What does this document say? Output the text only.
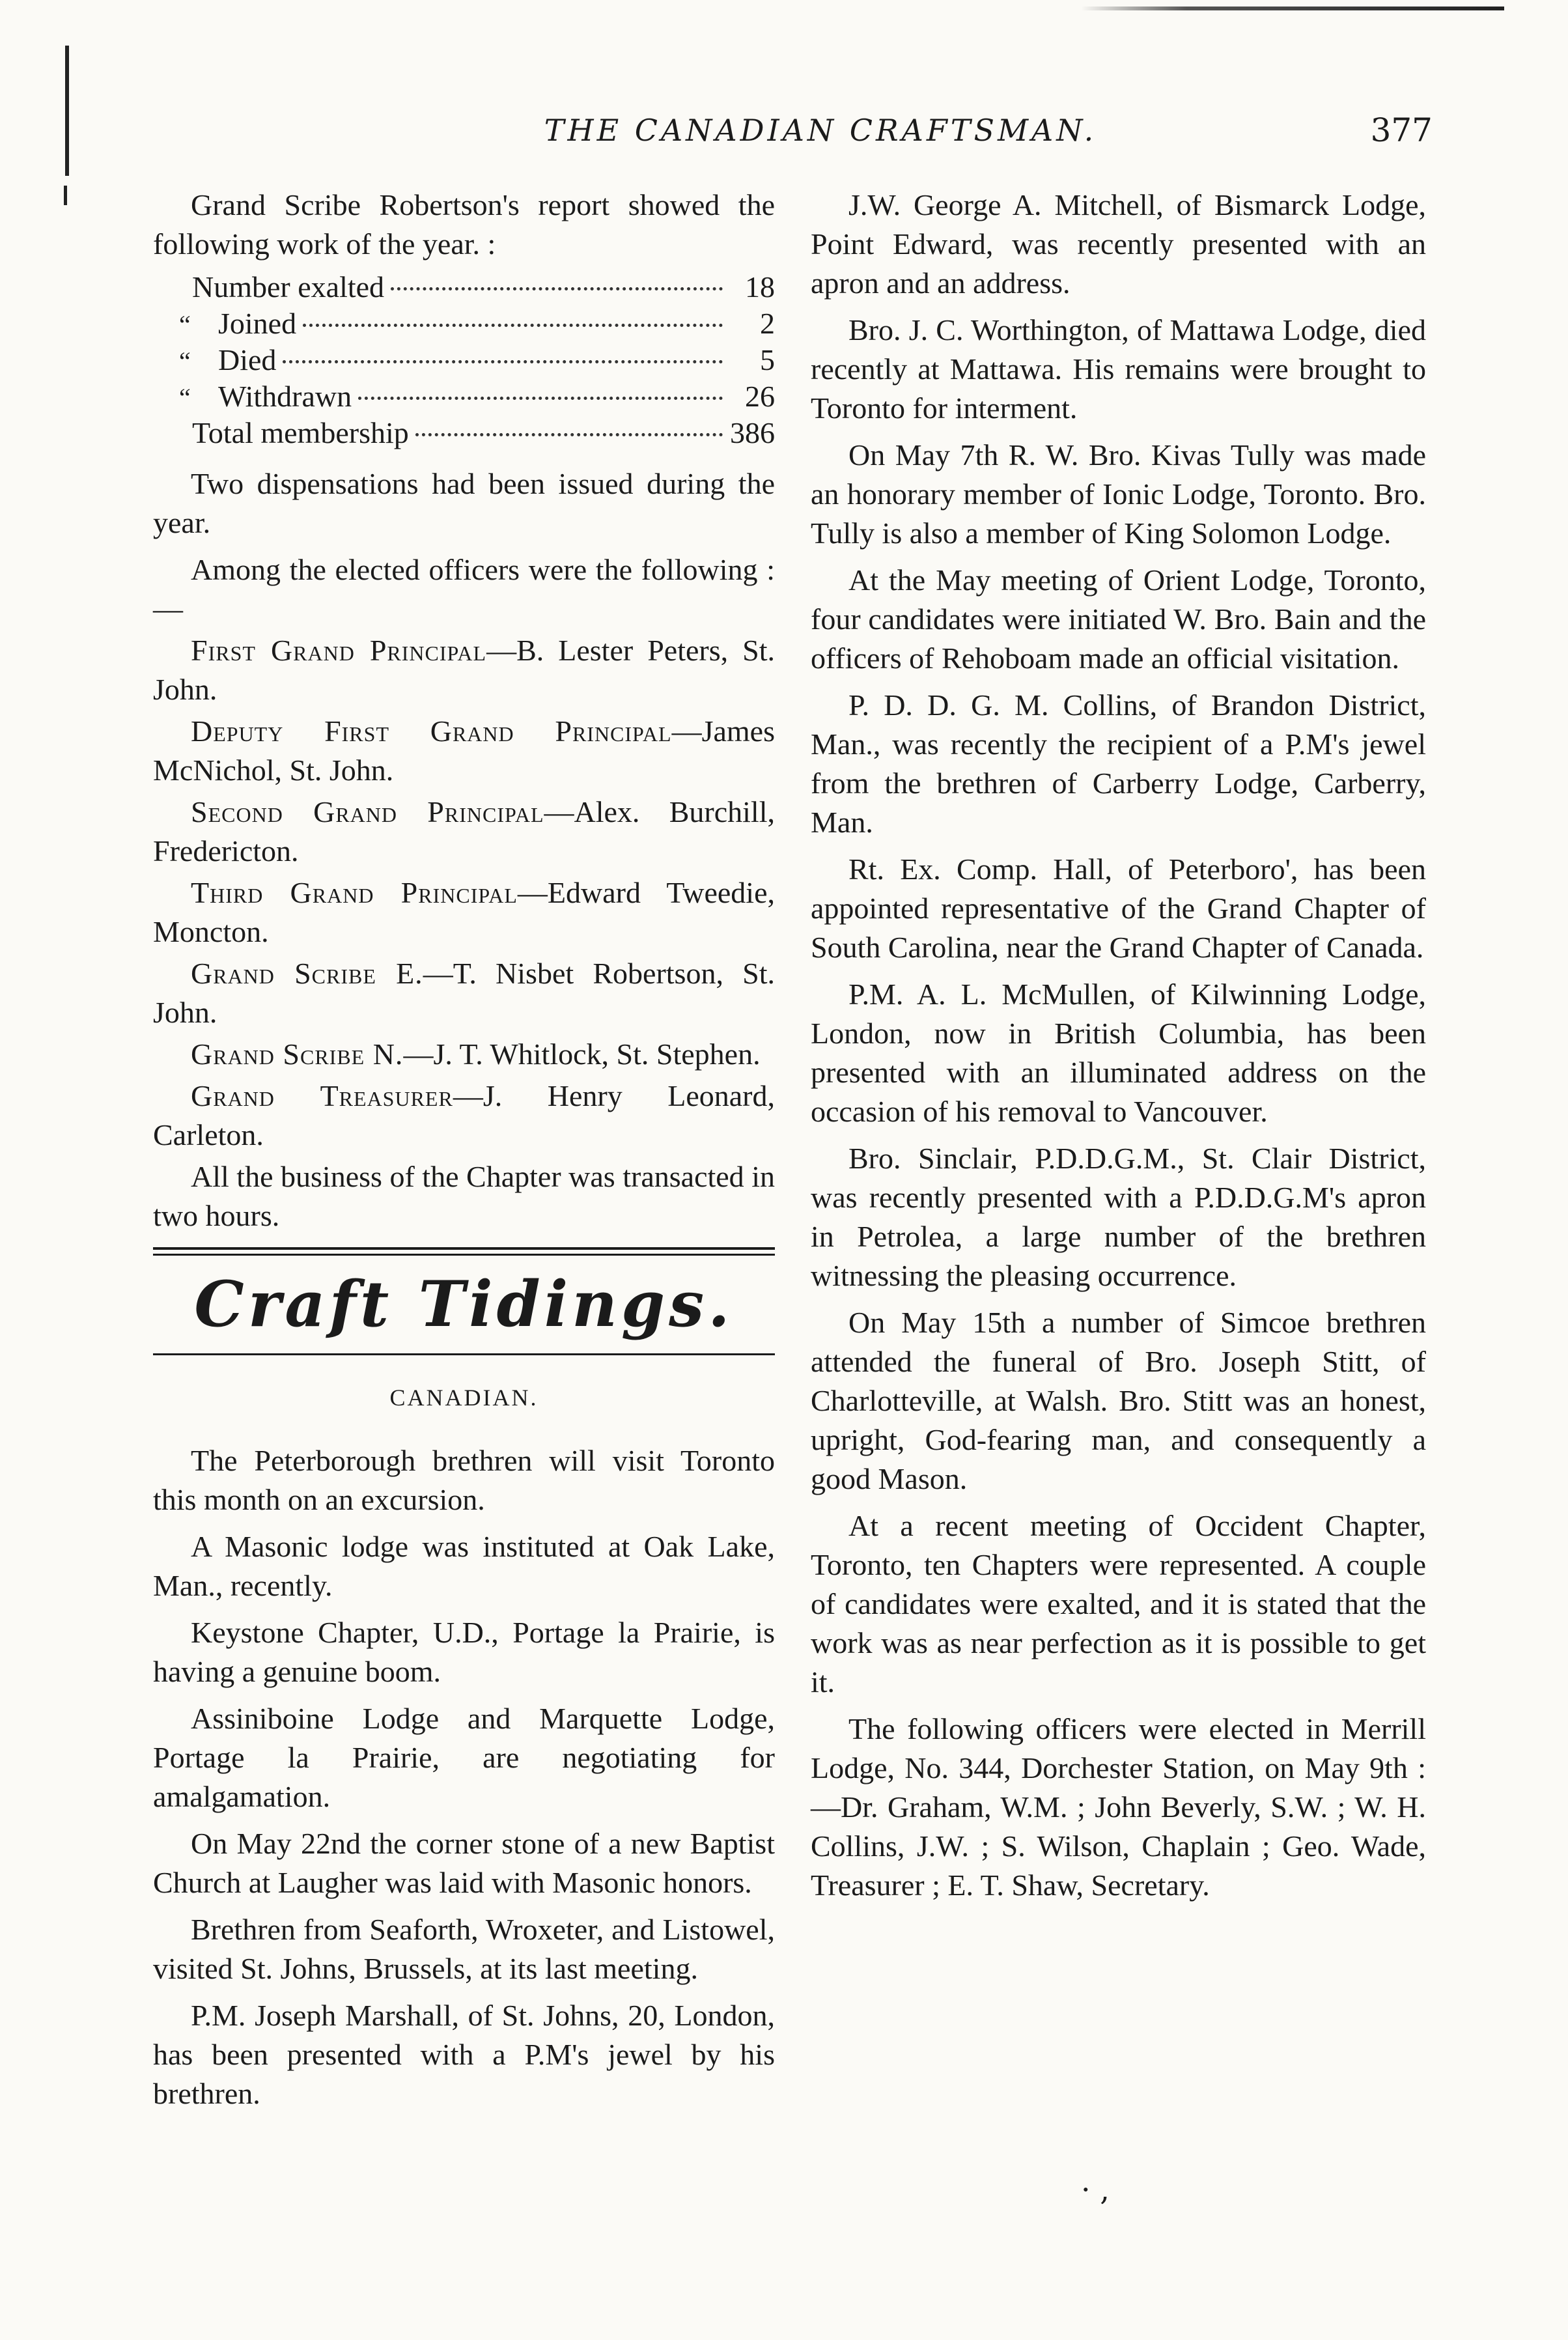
THE CANADIAN CRAFTSMAN.	377

Grand Scribe Robertson's report showed the following work of the year. :

Number exalted	18
“ Joined	2
“ Died	5
“ Withdrawn	26
Total membership	386

Two dispensations had been issued during the year.

Among the elected officers were the following :—

First Grand Principal—B. Lester Peters, St. John.

Deputy First Grand Principal—James McNichol, St. John.

Second Grand Principal—Alex. Burchill, Fredericton.

Third Grand Principal—Edward Tweedie, Moncton.

Grand Scribe E.—T. Nisbet Robertson, St. John.

Grand Scribe N.—J. T. Whitlock, St. Stephen.

Grand Treasurer—J. Henry Leonard, Carleton.

All the business of the Chapter was transacted in two hours.

Craft Tidings.
CANADIAN.

The Peterborough brethren will visit Toronto this month on an excursion.

A Masonic lodge was instituted at Oak Lake, Man., recently.

Keystone Chapter, U.D., Portage la Prairie, is having a genuine boom.

Assiniboine Lodge and Marquette Lodge, Portage la Prairie, are negotiating for amalgamation.

On May 22nd the corner stone of a new Baptist Church at Laugher was laid with Masonic honors.

Brethren from Seaforth, Wroxeter, and Listowel, visited St. Johns, Brussels, at its last meeting.

P.M. Joseph Marshall, of St. Johns, 20, London, has been presented with a P.M's jewel by his brethren.

J.W. George A. Mitchell, of Bismarck Lodge, Point Edward, was recently presented with an apron and an address.

Bro. J. C. Worthington, of Mattawa Lodge, died recently at Mattawa. His remains were brought to Toronto for interment.

On May 7th R. W. Bro. Kivas Tully was made an honorary member of Ionic Lodge, Toronto. Bro. Tully is also a member of King Solomon Lodge.

At the May meeting of Orient Lodge, Toronto, four candidates were initiated W. Bro. Bain and the officers of Rehoboam made an official visitation.

P. D. D. G. M. Collins, of Brandon District, Man., was recently the recipient of a P.M's jewel from the brethren of Carberry Lodge, Carberry, Man.

Rt. Ex. Comp. Hall, of Peterboro', has been appointed representative of the Grand Chapter of South Carolina, near the Grand Chapter of Canada.

P.M. A. L. McMullen, of Kilwinning Lodge, London, now in British Columbia, has been presented with an illuminated address on the occasion of his removal to Vancouver.

Bro. Sinclair, P.D.D.G.M., St. Clair District, was recently presented with a P.D.D.G.M's apron in Petrolea, a large number of the brethren witnessing the pleasing occurrence.

On May 15th a number of Simcoe brethren attended the funeral of Bro. Joseph Stitt, of Charlotteville, at Walsh. Bro. Stitt was an honest, upright, God-fearing man, and consequently a good Mason.

At a recent meeting of Occident Chapter, Toronto, ten Chapters were represented. A couple of candidates were exalted, and it is stated that the work was as near perfection as it is possible to get it.

The following officers were elected in Merrill Lodge, No. 344, Dorchester Station, on May 9th :—Dr. Graham, W.M. ; John Beverly, S.W. ; W. H. Collins, J.W. ; S. Wilson, Chaplain ; Geo. Wade, Treasurer ; E. T. Shaw, Secretary.

· ,
